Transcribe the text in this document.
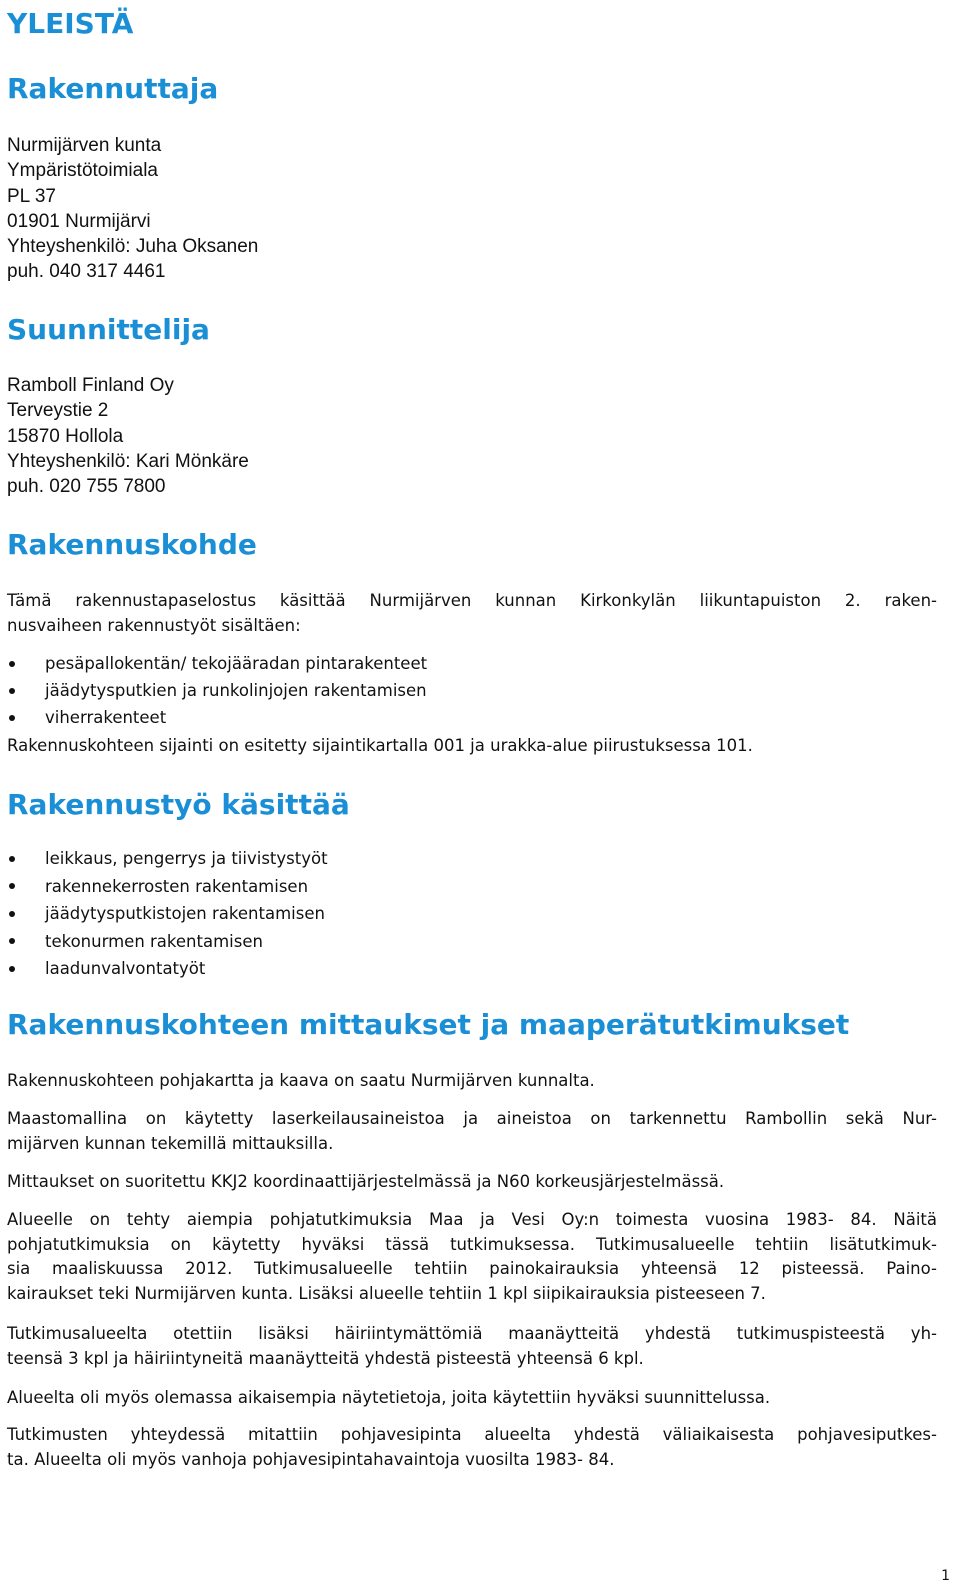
YLEISTÄ
Rakennuttaja
Nurmijärven kunta
Ympäristötoimiala
PL 37
01901 Nurmijärvi
Yhteyshenkilö: Juha Oksanen
puh. 040 317 4461
Suunnittelija
Ramboll Finland Oy
Terveystie 2
15870 Hollola
Yhteyshenkilö: Kari Mönkäre
puh. 020 755 7800
Rakennuskohde
Tämä rakennustapaselostus käsittää Nurmijärven kunnan Kirkonkylän liikuntapuiston 2. raken-
nusvaiheen rakennustyöt sisältäen:
pesäpallokentän/ tekojääradan pintarakenteet
jäädytysputkien ja runkolinjojen rakentamisen
viherrakenteet
Rakennuskohteen sijainti on esitetty sijaintikartalla 001 ja urakka-alue piirustuksessa 101.
Rakennustyö käsittää
leikkaus, pengerrys ja tiivistystyöt
rakennekerrosten rakentamisen
jäädytysputkistojen rakentamisen
tekonurmen rakentamisen
laadunvalvontatyöt
Rakennuskohteen mittaukset ja maaperätutkimukset
Rakennuskohteen pohjakartta ja kaava on saatu Nurmijärven kunnalta.
Maastomallina on käytetty laserkeilausaineistoa ja aineistoa on tarkennettu Rambollin sekä Nur-
mijärven kunnan tekemillä mittauksilla.
Mittaukset on suoritettu KKJ2 koordinaattijärjestelmässä ja N60 korkeusjärjestelmässä.
Alueelle on tehty aiempia pohjatutkimuksia Maa ja Vesi Oy:n toimesta vuosina 1983- 84. Näitä
pohjatutkimuksia on käytetty hyväksi tässä tutkimuksessa. Tutkimusalueelle tehtiin lisätutkimuk-
sia maaliskuussa 2012. Tutkimusalueelle tehtiin painokairauksia yhteensä 12 pisteessä. Paino-
kairaukset teki Nurmijärven kunta. Lisäksi alueelle tehtiin 1 kpl siipikairauksia pisteeseen 7.
Tutkimusalueelta otettiin lisäksi häiriintymättömiä maanäytteitä yhdestä tutkimuspisteestä yh-
teensä 3 kpl ja häiriintyneitä maanäytteitä yhdestä pisteestä yhteensä 6 kpl.
Alueelta oli myös olemassa aikaisempia näytetietoja, joita käytettiin hyväksi suunnittelussa.
Tutkimusten yhteydessä mitattiin pohjavesipinta alueelta yhdestä väliaikaisesta pohjavesiputkes-
ta. Alueelta oli myös vanhoja pohjavesipintahavaintoja vuosilta 1983- 84.
1
